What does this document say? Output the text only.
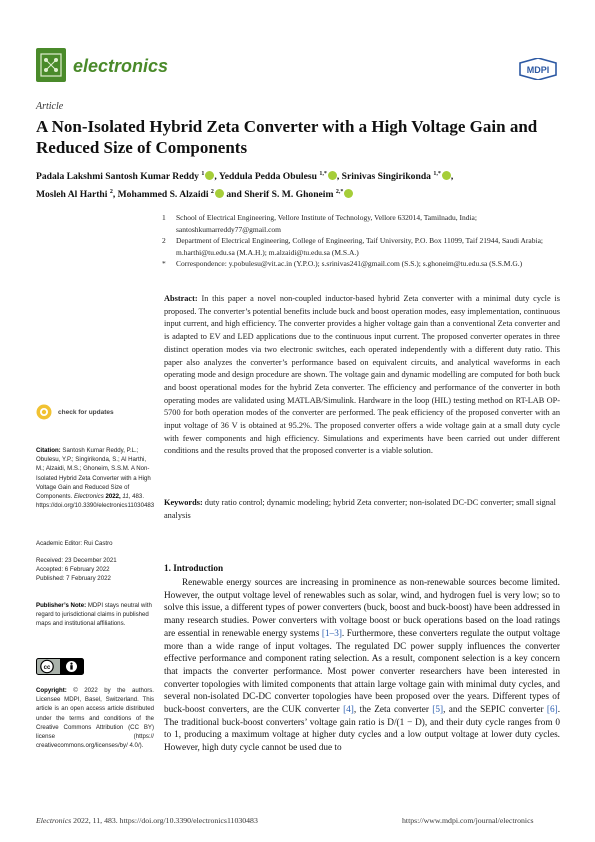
electronics	MDPI
Article
A Non-Isolated Hybrid Zeta Converter with a High Voltage Gain and Reduced Size of Components
Padala Lakshmi Santosh Kumar Reddy $^1$ , Yeddula Pedda Obulesu $^{1,*}$ , Srinivas Singirikonda $^{1,*}$ ,
Mosleh Al Harthi $^2$, Mohammed S. Alzaidi $^2$ and Sherif S. M. Ghoneim $^{2,*}$
1	School of Electrical Engineering, Vellore Institute of Technology, Vellore 632014, Tamilnadu, India; santoshkumarreddy77@gmail.com
2	Department of Electrical Engineering, College of Engineering, Taif University, P.O. Box 11099, Taif 21944, Saudi Arabia; m.harthi@tu.edu.sa (M.A.H.); m.alzaidi@tu.edu.sa (M.S.A.)
*	Correspondence: y.pobulesu@vit.ac.in (Y.P.O.); s.srinivas241@gmail.com (S.S.); s.ghoneim@tu.edu.sa (S.S.M.G.)
Abstract: In this paper a novel non-coupled inductor-based hybrid Zeta converter with a minimal duty cycle is proposed. The converter’s potential benefits include buck and boost operation modes, easy implementation, continuous input current, and high efficiency. The converter provides a higher voltage gain than a conventional Zeta converter and is adapted to EV and LED applications due to the continuous input current. The proposed converter operates in three distinct operation modes via two electronic switches, each operated independently with a different duty ratio. This paper also analyzes the converter’s performance based on equivalent circuits, and analytical waveforms in each operating mode and design procedure are shown. The voltage gain and dynamic modelling are computed for both buck and boost operational modes for the hybrid Zeta converter. The efficiency and performance of the converter in both operating modes are validated using MATLAB/Simulink. Hardware in the loop (HIL) testing method on RT-LAB OP-5700 for both operation modes of the converter are performed. The peak efficiency of the proposed converter with an input voltage of 36 V is obtained at 95.2%. The proposed converter offers a wide voltage gain at a small duty cycle with fewer components and high efficiency. Simulations and experiments have been carried out under different conditions and the results proved that the proposed converter is a viable solution.
Keywords: duty ratio control; dynamic modeling; hybrid Zeta converter; non-isolated DC-DC converter; small signal analysis
check for updates
Citation: Santosh Kumar Reddy, P.L.; Obulesu, Y.P.; Singirikonda, S.; Al Harthi, M.; Alzaidi, M.S.; Ghoneim, S.S.M. A Non-Isolated Hybrid Zeta Converter with a High Voltage Gain and Reduced Size of Components. Electronics 2022, 11, 483. https://doi.org/10.3390/electronics11030483
Academic Editor: Rui Castro
Received: 23 December 2021
Accepted: 6 February 2022
Published: 7 February 2022
Publisher’s Note: MDPI stays neutral with regard to jurisdictional claims in published maps and institutional affiliations.
cc
Copyright: © 2022 by the authors. Licensee MDPI, Basel, Switzerland. This article is an open access article distributed under the terms and conditions of the Creative Commons Attribution (CC BY) license (https:// creativecommons.org/licenses/by/ 4.0/).
1. Introduction
Renewable energy sources are increasing in prominence as non-renewable sources become limited. However, the output voltage level of renewables such as solar, wind, and hydrogen fuel is very low; so to solve this issue, a different types of power converters (buck, boost and buck-boost) have been addressed in many research studies. Power converters with voltage boost or buck operations based on the load ratings are essential in renewable energy systems [1–3]. Furthermore, these converters regulate the output voltage more than a wide range of input voltages. The regulated DC power supply influences the converter effective performance and component rating selection. As a result, component selection is a key concern that impacts the converter performance. Most power converter researchers have been interested in converter topologies with limited components that attain large voltage gain with minimal duty cycles, and several non-isolated DC-DC converter topologies have been proposed over the years. Different types of buck-boost converters, are the CUK converter [4], the Zeta converter [5], and the SEPIC converter [6]. The traditional buck-boost converters’ voltage gain ratio is D/(1 − D), and their duty cycle ranges from 0 to 1, producing a maximum voltage at higher duty cycles and a low output voltage at lower duty cycles. However, high duty cycle cannot be used due to
Electronics 2022, 11, 483. https://doi.org/10.3390/electronics11030483	https://www.mdpi.com/journal/electronics
